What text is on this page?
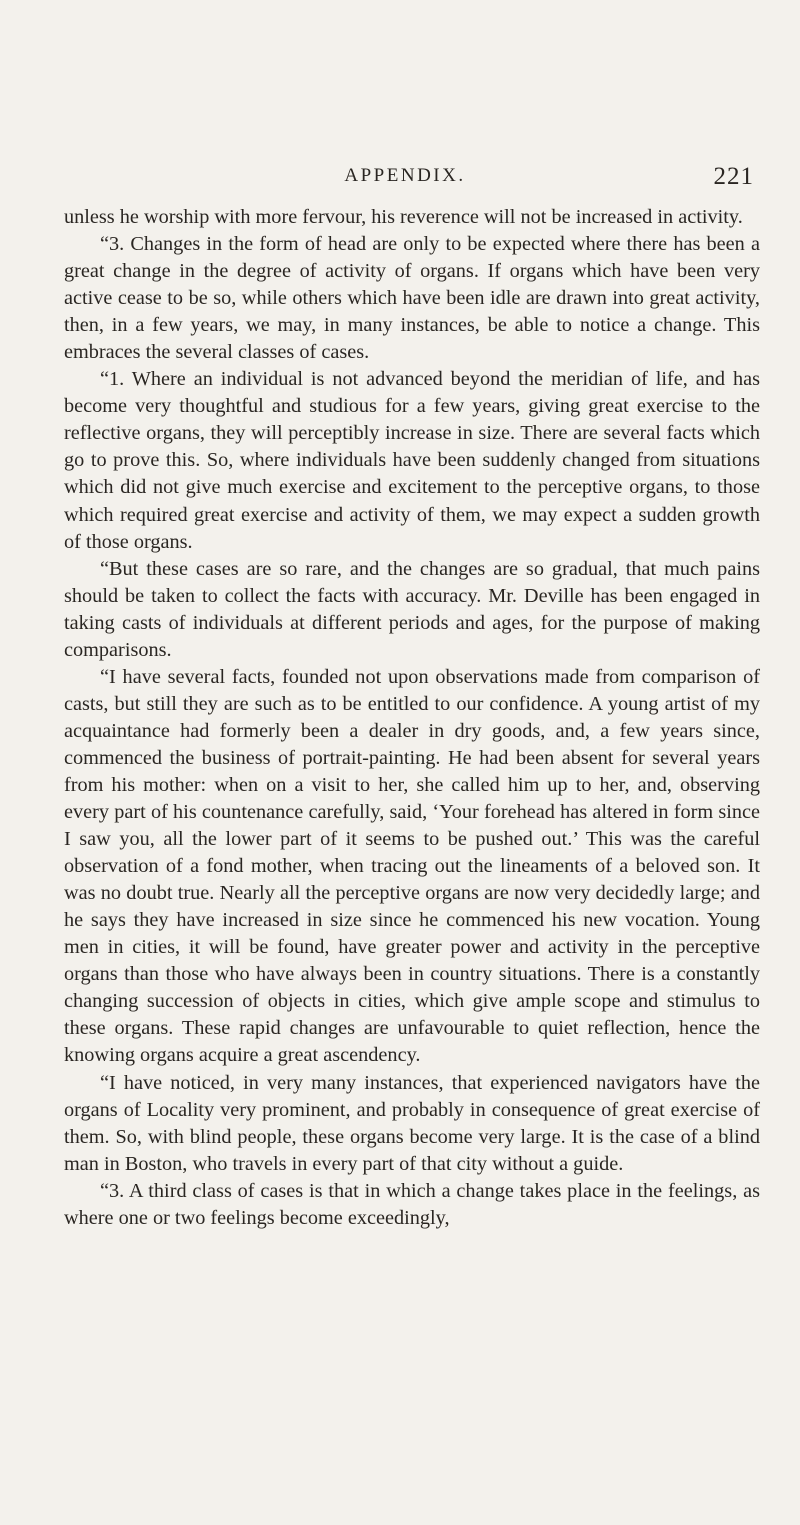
APPENDIX.	221

unless he worship with more fervour, his reverence will not be increased in activity.

“3. Changes in the form of head are only to be expected where there has been a great change in the degree of activity of organs. If organs which have been very active cease to be so, while others which have been idle are drawn into great activity, then, in a few years, we may, in many instances, be able to notice a change. This embraces the several classes of cases.

“1. Where an individual is not advanced beyond the meridian of life, and has become very thoughtful and studious for a few years, giving great exercise to the reflective organs, they will perceptibly increase in size. There are several facts which go to prove this. So, where individuals have been suddenly changed from situations which did not give much exercise and excitement to the perceptive organs, to those which required great exercise and activity of them, we may expect a sudden growth of those organs.

“But these cases are so rare, and the changes are so gradual, that much pains should be taken to collect the facts with accuracy. Mr. Deville has been engaged in taking casts of individuals at different periods and ages, for the purpose of making comparisons.

“I have several facts, founded not upon observations made from comparison of casts, but still they are such as to be entitled to our confidence. A young artist of my acquaintance had formerly been a dealer in dry goods, and, a few years since, commenced the business of portrait-painting. He had been absent for several years from his mother: when on a visit to her, she called him up to her, and, observing every part of his countenance carefully, said, ‘Your forehead has altered in form since I saw you, all the lower part of it seems to be pushed out.’ This was the careful observation of a fond mother, when tracing out the lineaments of a beloved son. It was no doubt true. Nearly all the perceptive organs are now very decidedly large; and he says they have increased in size since he commenced his new vocation. Young men in cities, it will be found, have greater power and activity in the perceptive organs than those who have always been in country situations. There is a constantly changing succession of objects in cities, which give ample scope and stimulus to these organs. These rapid changes are unfavourable to quiet reflection, hence the knowing organs acquire a great ascendency.

“I have noticed, in very many instances, that experienced navigators have the organs of Locality very prominent, and probably in consequence of great exercise of them. So, with blind people, these organs become very large. It is the case of a blind man in Boston, who travels in every part of that city without a guide.

“3. A third class of cases is that in which a change takes place in the feelings, as where one or two feelings become exceedingly,
